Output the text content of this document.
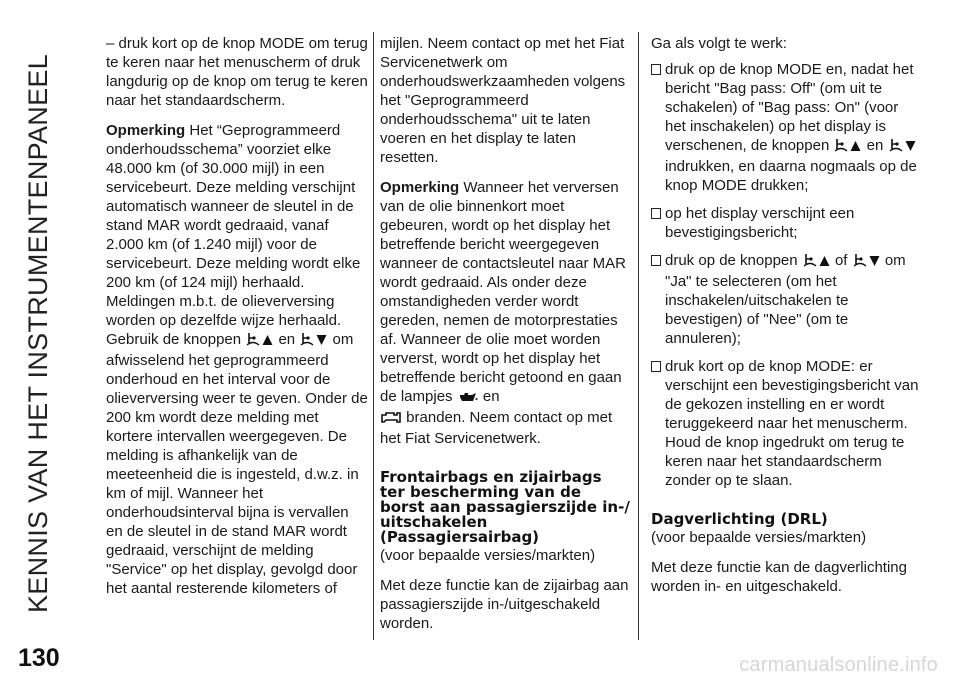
KENNIS VAN HET INSTRUMENTENPANEEL

– druk kort op de knop MODE om terug te keren naar het menuscherm of druk langdurig op de knop om terug te keren naar het standaardscherm.

Opmerking Het “Geprogrammeerd onderhoudsschema” voorziet elke 48.000 km (of 30.000 mijl) in een servicebeurt. Deze melding verschijnt automatisch wanneer de sleutel in de stand MAR wordt gedraaid, vanaf 2.000 km (of 1.240 mijl) voor de servicebeurt. Deze melding wordt elke 200 km (of 124 mijl) herhaald. Meldingen m.b.t. de olieverversing worden op dezelfde wijze herhaald. Gebruik de knoppen en om afwisselend het geprogrammeerd onderhoud en het interval voor de olieverversing weer te geven. Onder de 200 km wordt deze melding met kortere intervallen weergegeven. De melding is afhankelijk van de meeteenheid die is ingesteld, d.w.z. in km of mijl. Wanneer het onderhoudsinterval bijna is vervallen en de sleutel in de stand MAR wordt gedraaid, verschijnt de melding "Service" op het display, gevolgd door het aantal resterende kilometers of

mijlen. Neem contact op met het Fiat Servicenetwerk om onderhoudswerkzaamheden volgens het "Geprogrammeerd onderhoudsschema" uit te laten voeren en het display te laten resetten.

Opmerking Wanneer het verversen van de olie binnenkort moet gebeuren, wordt op het display het betreffende bericht weergegeven wanneer de contactsleutel naar MAR wordt gedraaid. Als onder deze omstandigheden verder wordt gereden, nemen de motorprestaties af. Wanneer de olie moet worden ververst, wordt op het display het betreffende bericht getoond en gaan de lampjes en
branden. Neem contact op met het Fiat Servicenetwerk.

Frontairbags en zijairbags ter bescherming van de borst aan passagierszijde in-/ uitschakelen (Passagiersairbag)

(voor bepaalde versies/markten)

Met deze functie kan de zijairbag aan passagierszijde in-/uitgeschakeld worden.

Ga als volgt te werk:

druk op de knop MODE en, nadat het bericht "Bag pass: Off" (om uit te schakelen) of "Bag pass: On" (voor het inschakelen) op het display is verschenen, de knoppen en  indrukken, en daarna nogmaals op de knop MODE drukken;
op het display verschijnt een bevestigingsbericht;
druk op de knoppen of om "Ja" te selecteren (om het inschakelen/uitschakelen te bevestigen) of "Nee" (om te annuleren);
druk kort op de knop MODE: er verschijnt een bevestigingsbericht van de gekozen instelling en er wordt teruggekeerd naar het menuscherm. Houd de knop ingedrukt om terug te keren naar het standaardscherm zonder op te slaan.
Dagverlichting (DRL)

(voor bepaalde versies/markten)

Met deze functie kan de dagverlichting worden in- en uitgeschakeld.

130	carmanualsonline.info
